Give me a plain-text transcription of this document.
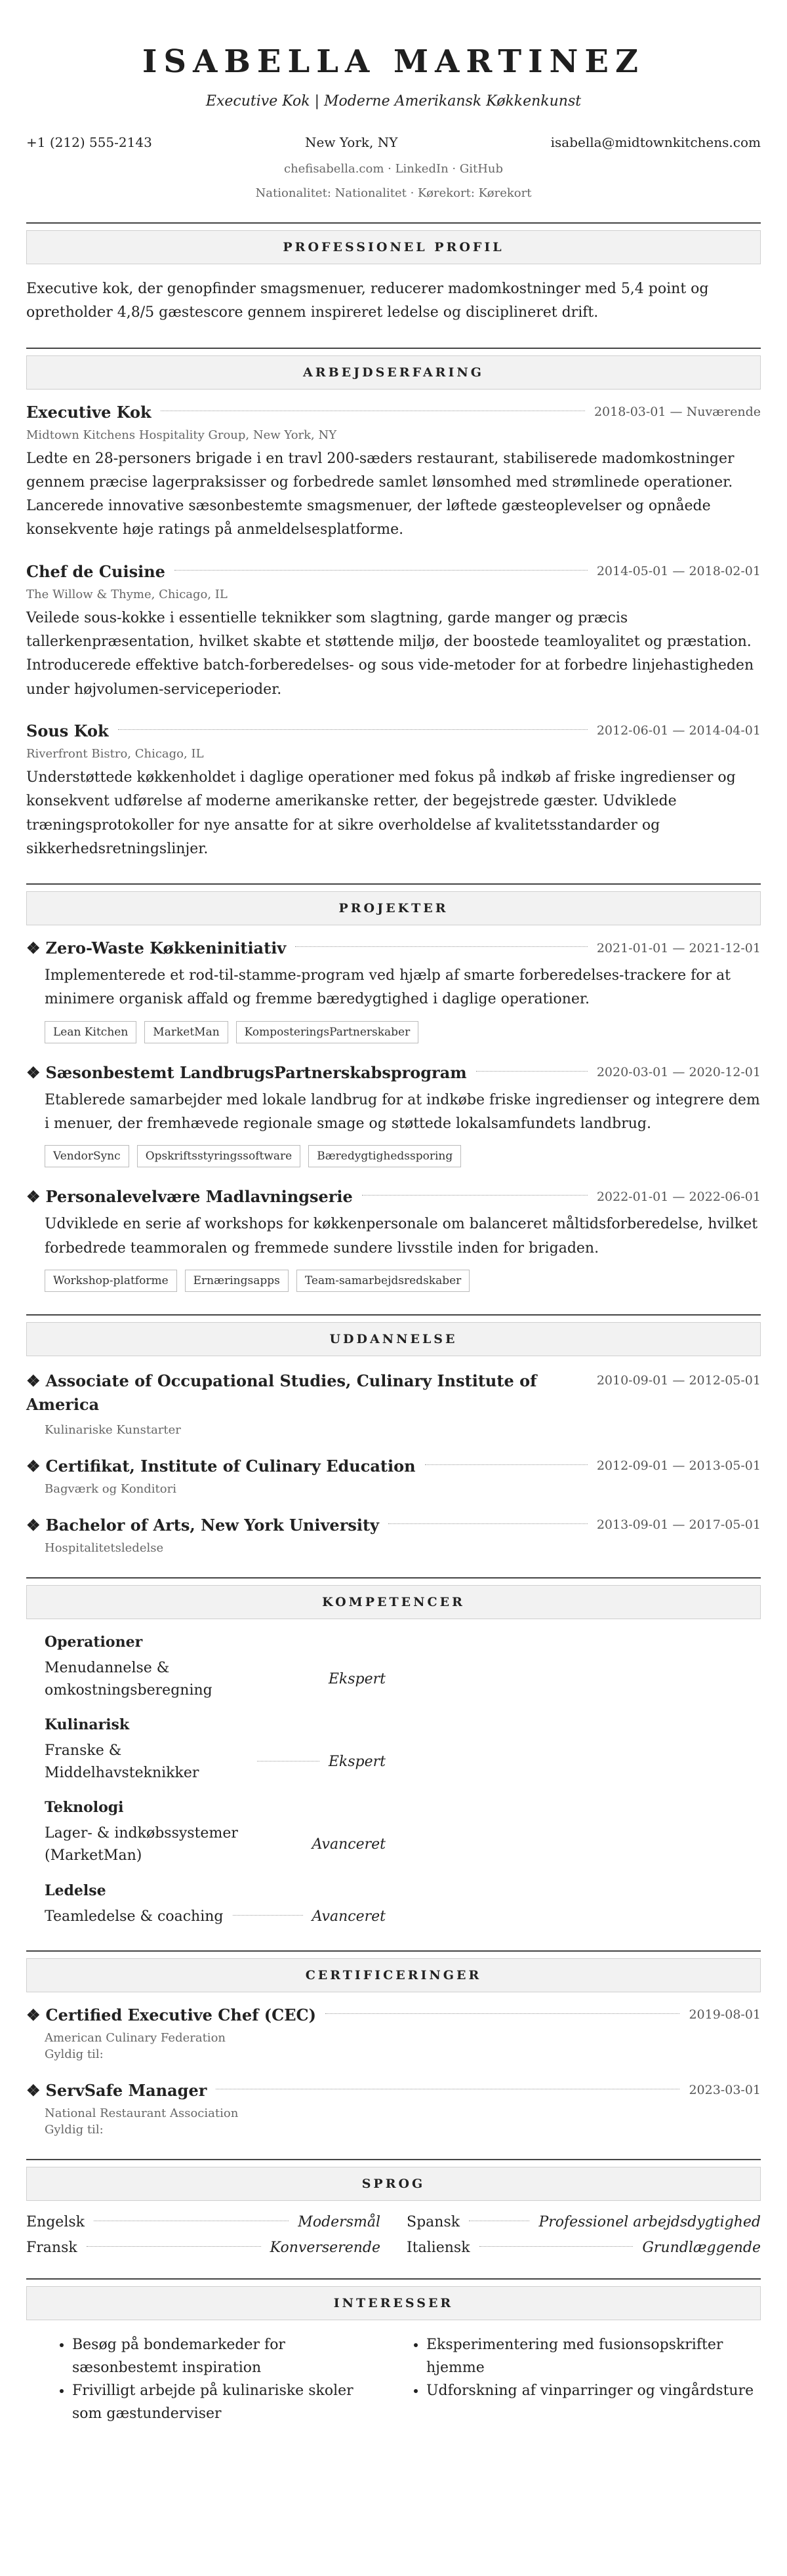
ISABELLA MARTINEZ
Executive Kok | Moderne Amerikansk Køkkenkunst
+1 (212) 555-2143	New York, NY	isabella@midtownkitchens.com
chefisabella.com · LinkedIn · GitHub
Nationalitet: Nationalitet · Kørekort: Kørekort
PROFESSIONEL PROFIL
Executive kok, der genopfinder smagsmenuer, reducerer madomkostninger med 5,4 point og opretholder 4,8/5 gæstescore gennem inspireret ledelse og disciplineret drift.
ARBEJDSERFARING
Executive Kok	2018-03-01 — Nuværende
Midtown Kitchens Hospitality Group, New York, NY
Ledte en 28-personers brigade i en travl 200-sæders restaurant, stabiliserede madomkostninger gennem præcise lagerpraksisser og forbedrede samlet lønsomhed med strømlinede operationer. Lancerede innovative sæsonbestemte smagsmenuer, der løftede gæsteoplevelser og opnåede konsekvente høje ratings på anmeldelsesplatforme.
Chef de Cuisine	2014-05-01 — 2018-02-01
The Willow & Thyme, Chicago, IL
Veilede sous-kokke i essentielle teknikker som slagtning, garde manger og præcis tallerkenpræsentation, hvilket skabte et støttende miljø, der boostede teamloyalitet og præstation. Introducerede effektive batch-forberedelses- og sous vide-metoder for at forbedre linjehastigheden under højvolumen-serviceperioder.
Sous Kok	2012-06-01 — 2014-04-01
Riverfront Bistro, Chicago, IL
Understøttede køkkenholdet i daglige operationer med fokus på indkøb af friske ingredienser og konsekvent udførelse af moderne amerikanske retter, der begejstrede gæster. Udviklede træningsprotokoller for nye ansatte for at sikre overholdelse af kvalitetsstandarder og sikkerhedsretningslinjer.
PROJEKTER
❖ Zero-Waste Køkkeninitiativ	2021-01-01 — 2021-12-01
Implementerede et rod-til-stamme-program ved hjælp af smarte forberedelses-trackere for at minimere organisk affald og fremme bæredygtighed i daglige operationer.
Lean Kitchen	MarketMan	KomposteringsPartnerskaber
❖ Sæsonbestemt LandbrugsPartnerskabsprogram	2020-03-01 — 2020-12-01
Etablerede samarbejder med lokale landbrug for at indkøbe friske ingredienser og integrere dem i menuer, der fremhævede regionale smage og støttede lokalsamfundets landbrug.
VendorSync	Opskriftsstyringssoftware	Bæredygtighedssporing
❖ Personalevelvære Madlavningserie	2022-01-01 — 2022-06-01
Udviklede en serie af workshops for køkkenpersonale om balanceret måltidsforberedelse, hvilket forbedrede teammoralen og fremmede sundere livsstile inden for brigaden.
Workshop-platforme	Ernæringsapps	Team-samarbejdsredskaber
UDDANNELSE
❖ Associate of Occupational Studies, Culinary Institute of America
2010-09-01 — 2012-05-01
Kulinariske Kunstarter
❖ Certifikat, Institute of Culinary Education	2012-09-01 — 2013-05-01
Bagværk og Konditori
❖ Bachelor of Arts, New York University	2013-09-01 — 2017-05-01
Hospitalitetsledelse
KOMPETENCER
Operationer
Menudannelse & omkostningsberegning
Ekspert
Kulinarisk
Franske & Middelhavsteknikker
Ekspert
Teknologi
Lager- & indkøbssystemer (MarketMan)
Avanceret
Ledelse
Teamledelse & coaching	Avanceret
CERTIFICERINGER
❖ Certified Executive Chef (CEC)	2019-08-01
American Culinary Federation
Gyldig til:
❖ ServSafe Manager	2023-03-01
National Restaurant Association
Gyldig til:
SPROG
Engelsk	Modersmål Spansk	Professionel arbejdsdygtighed
Fransk	Konverserende Italiensk	Grundlæggende
INTERESSER
• Besøg på bondemarkeder for sæsonbestemt inspiration
• Frivilligt arbejde på kulinariske skoler som gæstunderviser
• Eksperimentering med fusionsopskrifter hjemme
• Udforskning af vinparringer og vingårdsture
